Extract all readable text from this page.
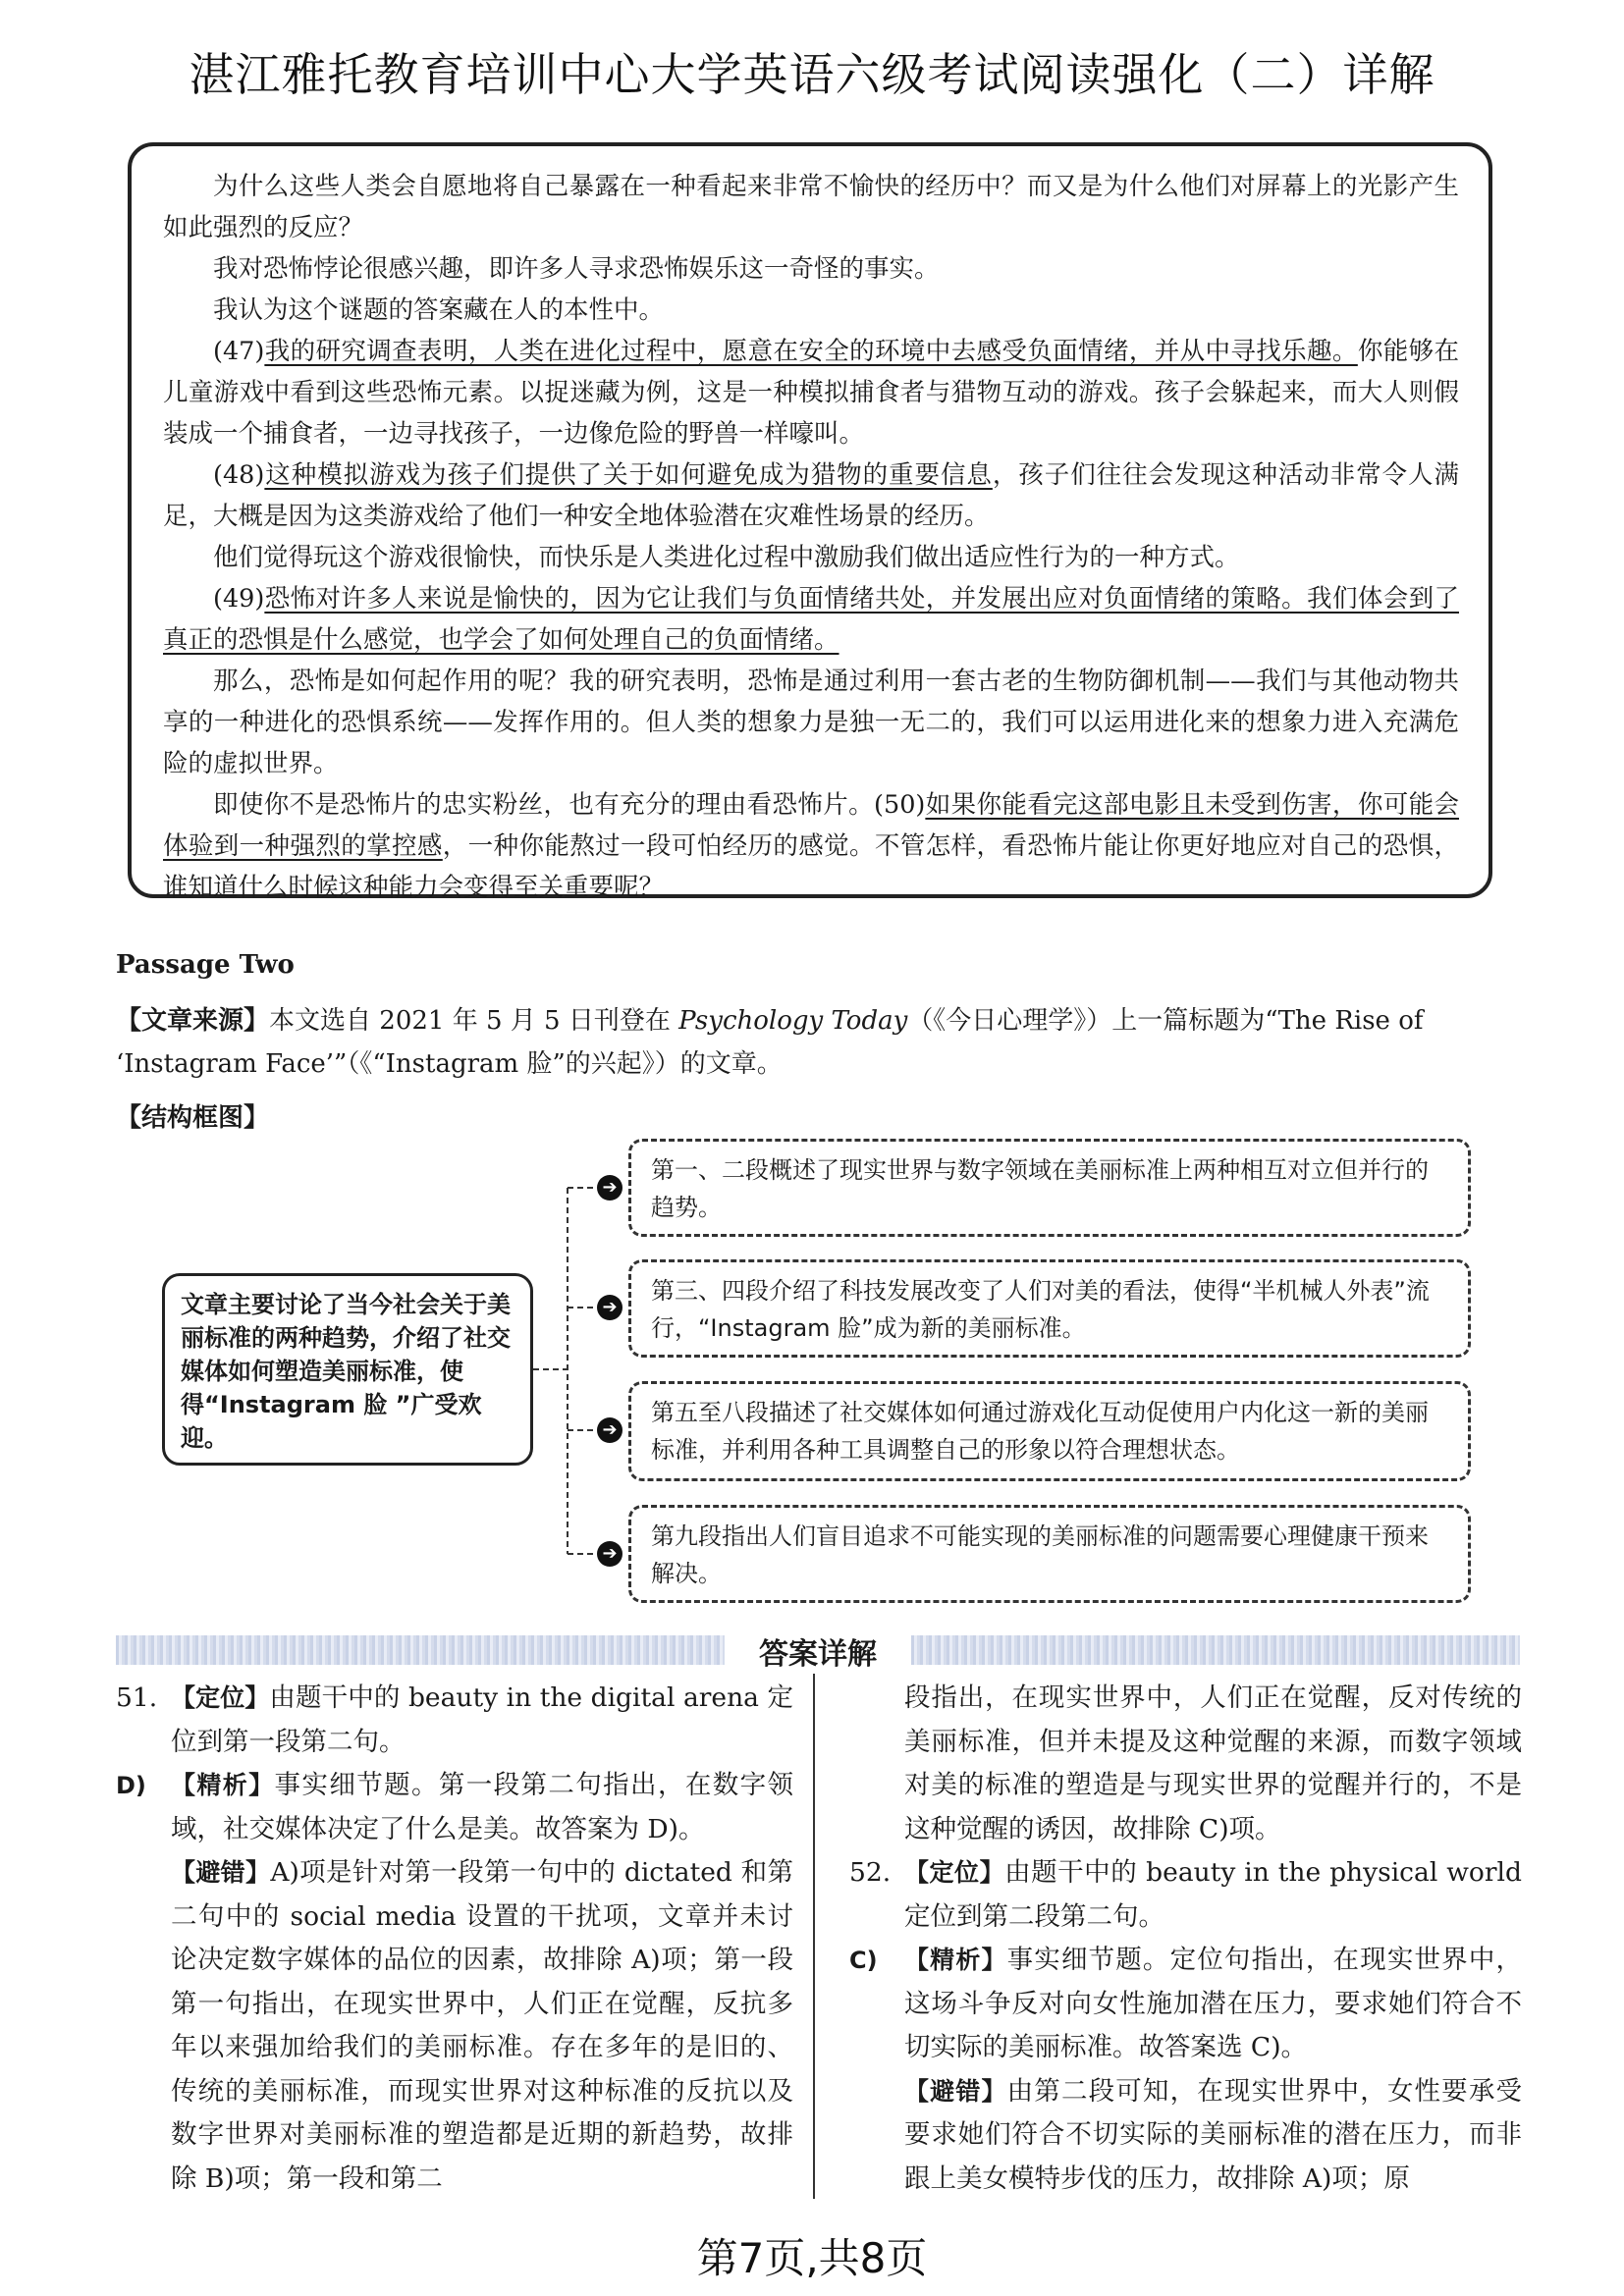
湛江雅托教育培训中心大学英语六级考试阅读强化（二）详解

为什么这些人类会自愿地将自己暴露在一种看起来非常不愉快的经历中？而又是为什么他们对屏幕上的光影产生如此强烈的反应？

我对恐怖悖论很感兴趣，即许多人寻求恐怖娱乐这一奇怪的事实。

我认为这个谜题的答案藏在人的本性中。

(47)我的研究调查表明，人类在进化过程中，愿意在安全的环境中去感受负面情绪，并从中寻找乐趣。你能够在儿童游戏中看到这些恐怖元素。以捉迷藏为例，这是一种模拟捕食者与猎物互动的游戏。孩子会躲起来，而大人则假装成一个捕食者，一边寻找孩子，一边像危险的野兽一样嚎叫。

(48)这种模拟游戏为孩子们提供了关于如何避免成为猎物的重要信息，孩子们往往会发现这种活动非常令人满足，大概是因为这类游戏给了他们一种安全地体验潜在灾难性场景的经历。

他们觉得玩这个游戏很愉快，而快乐是人类进化过程中激励我们做出适应性行为的一种方式。

(49)恐怖对许多人来说是愉快的，因为它让我们与负面情绪共处，并发展出应对负面情绪的策略。我们体会到了真正的恐惧是什么感觉，也学会了如何处理自己的负面情绪。

那么，恐怖是如何起作用的呢？我的研究表明，恐怖是通过利用一套古老的生物防御机制——我们与其他动物共享的一种进化的恐惧系统——发挥作用的。但人类的想象力是独一无二的，我们可以运用进化来的想象力进入充满危险的虚拟世界。

即使你不是恐怖片的忠实粉丝，也有充分的理由看恐怖片。(50)如果你能看完这部电影且未受到伤害，你可能会体验到一种强烈的掌控感，一种你能熬过一段可怕经历的感觉。不管怎样，看恐怖片能让你更好地应对自己的恐惧，谁知道什么时候这种能力会变得至关重要呢？

Passage Two

【文章来源】本文选自 2021 年 5 月 5 日刊登在 Psychology Today（《今日心理学》）上一篇标题为“The Rise of ‘Instagram Face’”（《“Instagram 脸”的兴起》）的文章。

【结构框图】
➔
➔
➔
➔
文章主要讨论了当今社会关于美丽标准的两种趋势，介绍了社交媒体如何塑造美丽标准，使得“Instagram 脸 ”广受欢迎。
第一、二段概述了现实世界与数字领域在美丽标准上两种相互对立但并行的趋势。
第三、四段介绍了科技发展改变了人们对美的看法，使得“半机械人外表”流行，“Instagram 脸”成为新的美丽标准。
第五至八段描述了社交媒体如何通过游戏化互动促使用户内化这一新的美丽标准，并利用各种工具调整自己的形象以符合理想状态。
第九段指出人们盲目追求不可能实现的美丽标准的问题需要心理健康干预来解决。
答案详解
51. 【定位】由题干中的 beauty in the digital arena 定位到第一段第二句。

D) 【精析】事实细节题。第一段第二句指出，在数字领域，社交媒体决定了什么是美。故答案为 D)。

【避错】A)项是针对第一段第一句中的 dictated 和第二句中的 social media 设置的干扰项，文章并未讨论决定数字媒体的品位的因素，故排除 A)项；第一段第一句指出，在现实世界中，人们正在觉醒，反抗多年以来强加给我们的美丽标准。存在多年的是旧的、传统的美丽标准，而现实世界对这种标准的反抗以及数字世界对美丽标准的塑造都是近期的新趋势，故排除 B)项；第一段和第二

段指出，在现实世界中，人们正在觉醒，反对传统的美丽标准，但并未提及这种觉醒的来源，而数字领域对美的标准的塑造是与现实世界的觉醒并行的，不是这种觉醒的诱因，故排除 C)项。

52. 【定位】由题干中的 beauty in the physical world 定位到第二段第二句。

C) 【精析】事实细节题。定位句指出，在现实世界中，这场斗争反对向女性施加潜在压力，要求她们符合不切实际的美丽标准。故答案选 C)。

【避错】由第二段可知，在现实世界中，女性要承受要求她们符合不切实际的美丽标准的潜在压力，而非跟上美女模特步伐的压力，故排除 A)项；原

第7页,共8页
